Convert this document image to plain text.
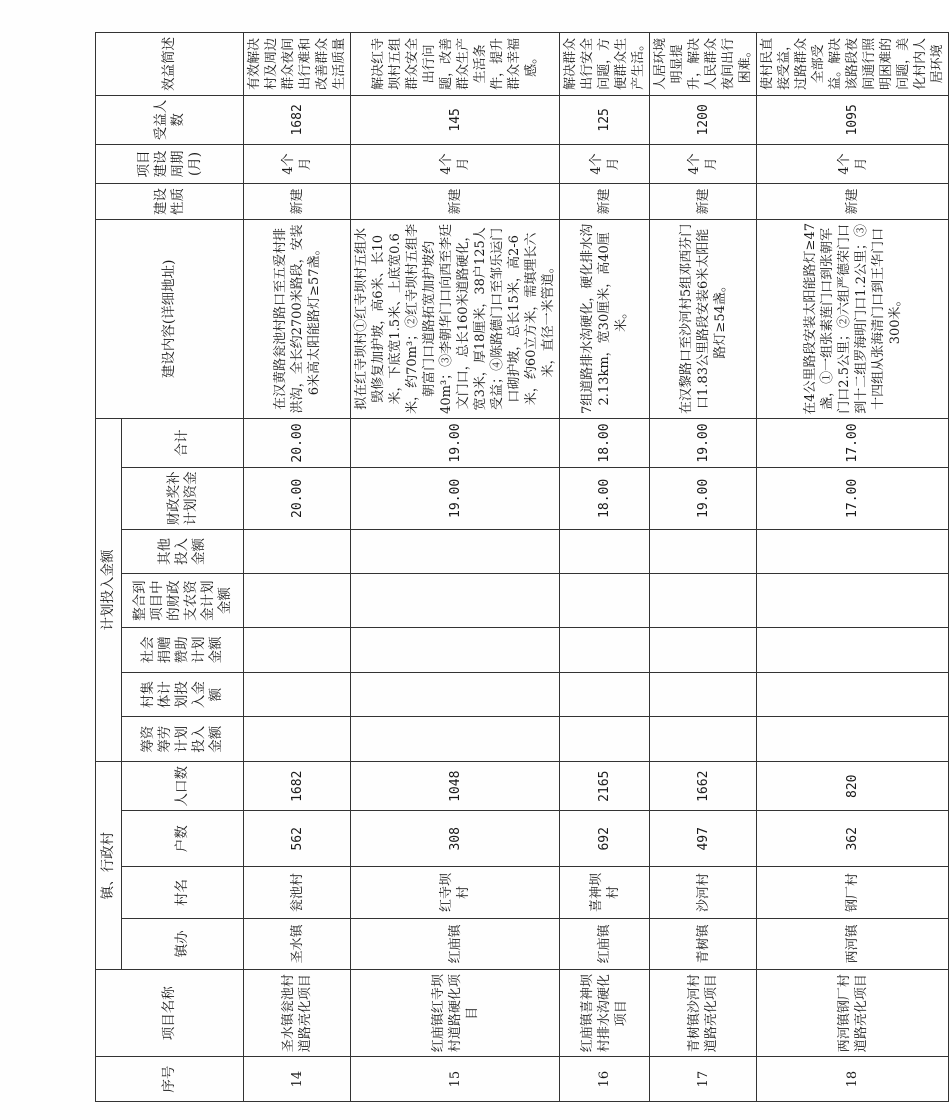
序号	项目名称	镇、行政村				计划投入金额							建设内容(详细地址)	建设性质	项目建设周期(月)	受益人数	效益简述
		镇办	村名	户数	人口数	筹资筹劳计划投入金额	村集体计划投入金额	社会捐赠赞助计划金额	整合到项目中的财政支农资金计划金额	其他投入金额	财政奖补计划资金	合计					

14	圣水镇瓮池村道路亮化项目	圣水镇	瓮池村	562	1682						20.00	20.00	在汉黄路瓮池村路口至五爱村排洪沟，全长约2700米路段，安装6米高太阳能路灯≥57盏。	新建	4个月	1682	有效解决村及周边群众夜间出行难和改善群众生活质量
15	红庙镇红寺坝村道路硬化项目	红庙镇	红寺坝村	308	1048						19.00	19.00	拟在红寺坝村①红寺坝村五组水毁修复加护坡，高6米、长10米，下底宽1.5米、上底宽0.6米，约70m³；②红寺坝村五组李朝富门口道路拓宽加护坡约40m³；③李朝华门口向西至李廷文门口，总长160米道路硬化，宽3米，厚18厘米，38户125人受益；④陈路德门口至邹乐运门口砌护坡，总长15米，高2-6米，约60立方米，需填埋长六米，直径一米管道。	新建	4个月	145	解决红寺坝村五组群众安全出行问题，改善群众生产生活条件，提升群众幸福感。
16	红庙镇喜神坝村排水沟硬化项目	红庙镇	喜神坝村	692	2165						18.00	18.00	7组道路排水沟硬化，硬化排水沟2.13km，宽30厘米，高40厘米。	新建	4个月	125	解决群众出行安全问题，方便群众生产生活。
17	青树镇沙河村道路亮化项目	青树镇	沙河村	497	1662						19.00	19.00	在汉黎路口至沙河村5组邓西芬门口1.83公里路段安装6米太阳能路灯≥54盏。	新建	4个月	1200	人居环境明显提升，解决人民群众夜间出行困难。
18	两河镇钢厂村道路亮化项目	两河镇	钢厂村	362	820						17.00	17.00	在4公里路段安装太阳能路灯≥47盏，①一组张素莲门口到张朝军门口2.5公里；②六组严德荣门口到十二组罗海明门口1.2公里；③十四组从张海清门口到王华门口300米。	新建	4个月	1095	使村民直接受益，过路群众全部受益。解决该路段夜间通行照明困难的问题，美化村内人居环境
